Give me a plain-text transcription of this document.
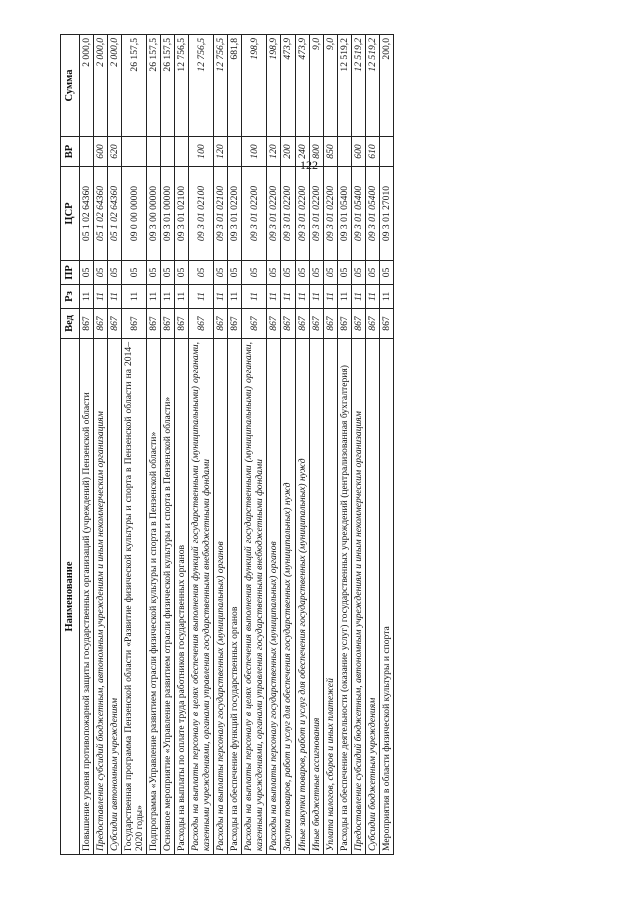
122
Наименование	Вед	Рз	ПР	ЦСР	ВР	Сумма
Повышение уровня противопожарной защиты государственных организаций (учреждений) Пензенской области	867	11	05	05 1 02 64360		2 000,0
Предоставление субсидий бюджетным, автономным учреждениям и иным некоммерческим организациям	867	11	05	05 1 02 64360	600	2 000,0
Субсидии автономным учреждениям	867	11	05	05 1 02 64360	620	2 000,0
Государственная программа Пензенской области «Развитие физической культуры и спорта в Пензенской области на 2014–2020 годы»	867	11	05	09 0 00 00000		26 157,5
Подпрограмма «Управление развитием отрасли физической культуры и спорта в Пензенской области»	867	11	05	09 3 00 00000		26 157,5
Основное мероприятие «Управление развитием отрасли физической культуры и спорта в Пензенской области»	867	11	05	09 3 01 00000		26 157,5
Расходы на выплаты по оплате труда работников государственных органов	867	11	05	09 3 01 02100		12 756,5
Расходы на выплаты персоналу в целях обеспечения выполнения функций государственными (муниципальными) органами, казенными учреждениями, органами управления государственными внебюджетными фондами	867	11	05	09 3 01 02100	100	12 756,5
Расходы на выплаты персоналу государственных (муниципальных) органов	867	11	05	09 3 01 02100	120	12 756,5
Расходы на обеспечение функций государственных органов	867	11	05	09 3 01 02200		681,8
Расходы на выплаты персоналу в целях обеспечения выполнения функций государственными (муниципальными) органами, казенными учреждениями, органами управления государственными внебюджетными фондами	867	11	05	09 3 01 02200	100	198,9
Расходы на выплаты персоналу государственных (муниципальных) органов	867	11	05	09 3 01 02200	120	198,9
Закупка товаров, работ и услуг для обеспечения государственных (муниципальных) нужд	867	11	05	09 3 01 02200	200	473,9
Иные закупки товаров, работ и услуг для обеспечения государственных (муниципальных) нужд	867	11	05	09 3 01 02200	240	473,9
Иные бюджетные ассигнования	867	11	05	09 3 01 02200	800	9,0
Уплата налогов, сборов и иных платежей	867	11	05	09 3 01 02200	850	9,0
Расходы на обеспечение деятельности (оказание услуг) государственных учреждений (централизованная бухгалтерия)	867	11	05	09 3 01 05400		12 519,2
Предоставление субсидий бюджетным, автономным учреждениям и иным некоммерческим организациям	867	11	05	09 3 01 05400	600	12 519,2
Субсидии бюджетным учреждениям	867	11	05	09 3 01 05400	610	12 519,2
Мероприятия в области физической культуры и спорта	867	11	05	09 3 01 27010		200,0
